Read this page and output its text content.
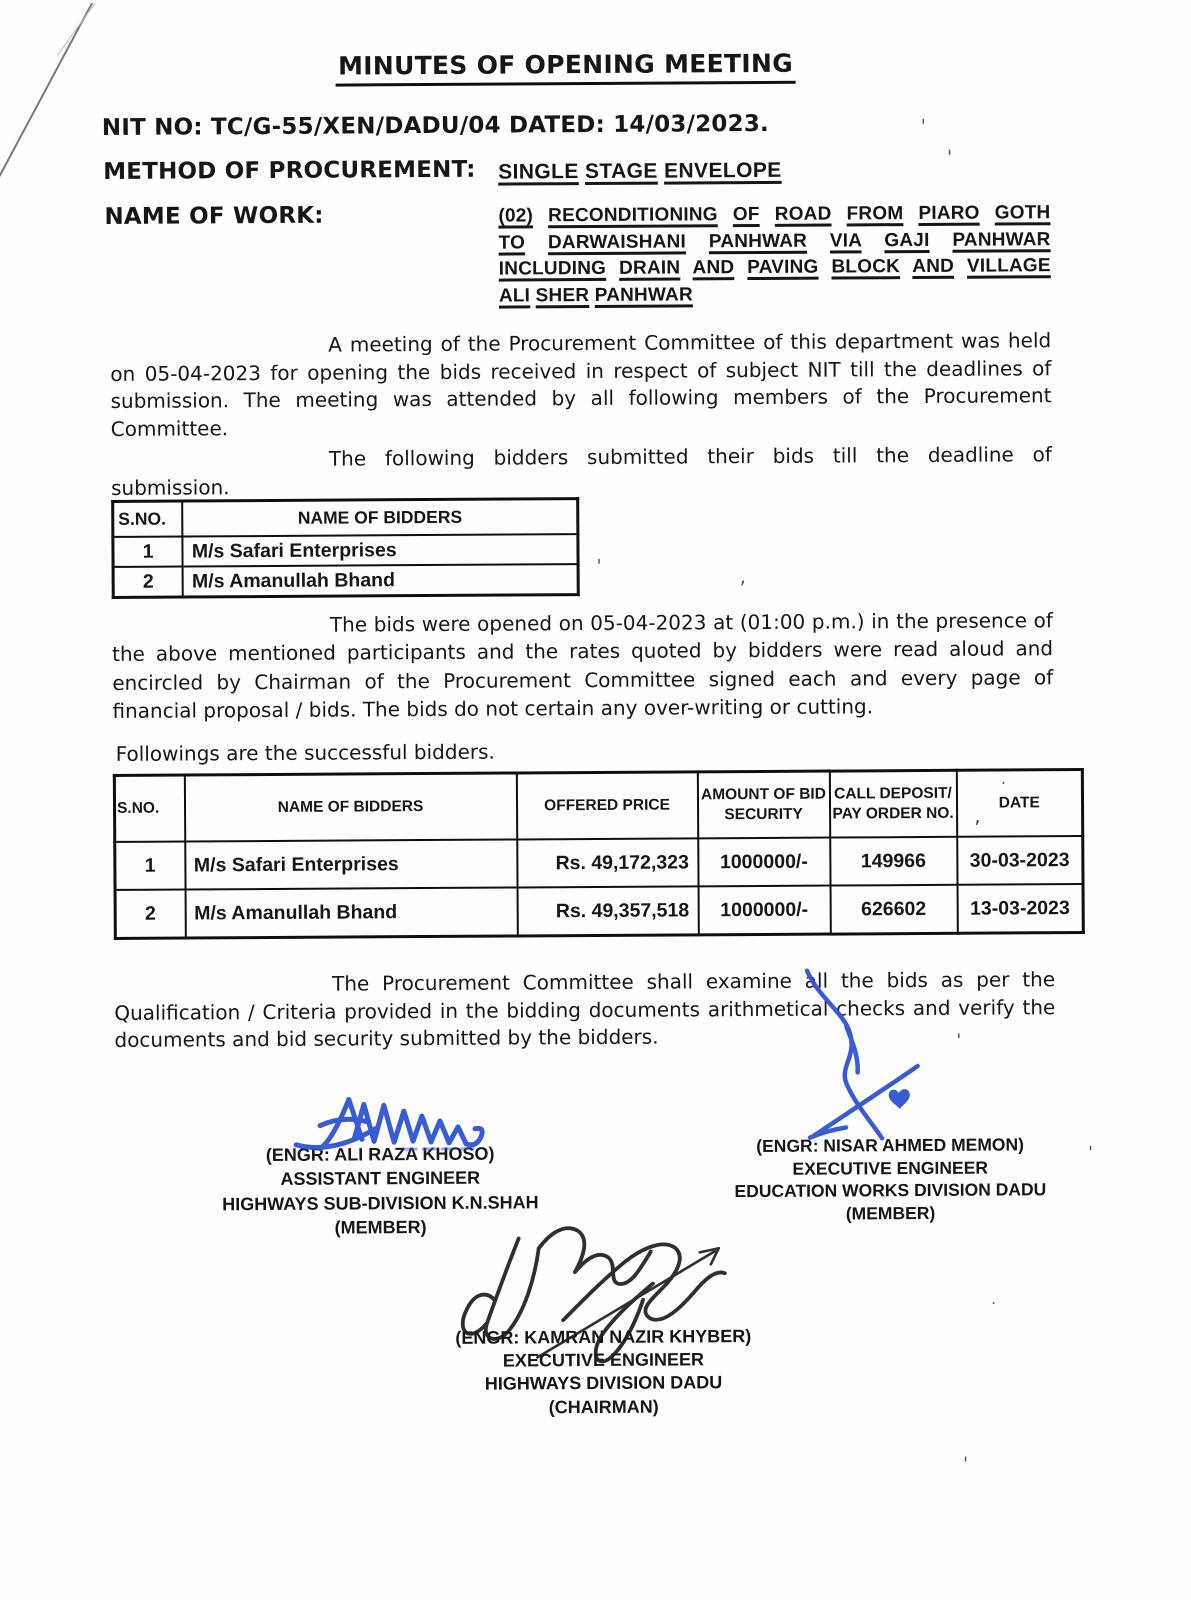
MINUTES OF OPENING MEETING
NIT NO: TC/G-55/XEN/DADU/04 DATED: 14/03/2023.
METHOD OF PROCUREMENT: SINGLE STAGE ENVELOPE
NAME OF WORK:	(02) RECONDITIONING OF ROAD FROM PIARO GOTH
TO DARWAISHANI PANHWAR VIA GAJI PANHWAR
INCLUDING DRAIN AND PAVING BLOCK AND VILLAGE
ALI SHER PANHWAR
A meeting of the Procurement Committee of this department was held on 05-04-2023 for opening the bids received in respect of subject NIT till the deadlines of submission. The meeting was attended by all following members of the Procurement Committee.
The following bidders submitted their bids till the deadline of submission.
S.NO.	NAME OF BIDDERS
1	M/s Safari Enterprises
2	M/s Amanullah Bhand
The bids were opened on 05-04-2023 at (01:00 p.m.) in the presence of the above mentioned participants and the rates quoted by bidders were read aloud and encircled by Chairman of the Procurement Committee signed each and every page of financial proposal / bids. The bids do not certain any over-writing or cutting.
Followings are the successful bidders.
S.NO.	NAME OF BIDDERS	OFFERED PRICE	AMOUNT OF BID SECURITY	CALL DEPOSIT/ PAY ORDER NO.	DATE
1	M/s Safari Enterprises	Rs. 49,172,323	1000000/-	149966	30-03-2023
2	M/s Amanullah Bhand	Rs. 49,357,518	1000000/-	626602	13-03-2023
The Procurement Committee shall examine all the bids as per the Qualification / Criteria provided in the bidding documents arithmetical checks and verify the documents and bid security submitted by the bidders.
(ENGR: ALI RAZA KHOSO)
ASSISTANT ENGINEER
HIGHWAYS SUB-DIVISION K.N.SHAH
(MEMBER)
(ENGR: NISAR AHMED MEMON)
EXECUTIVE ENGINEER
EDUCATION WORKS DIVISION DADU
(MEMBER)
(ENGR: KAMRAN NAZIR KHYBER)
EXECUTIVE ENGINEER
HIGHWAYS DIVISION DADU
(CHAIRMAN)
'
'
'	,
·
‚
'
'
'
·
